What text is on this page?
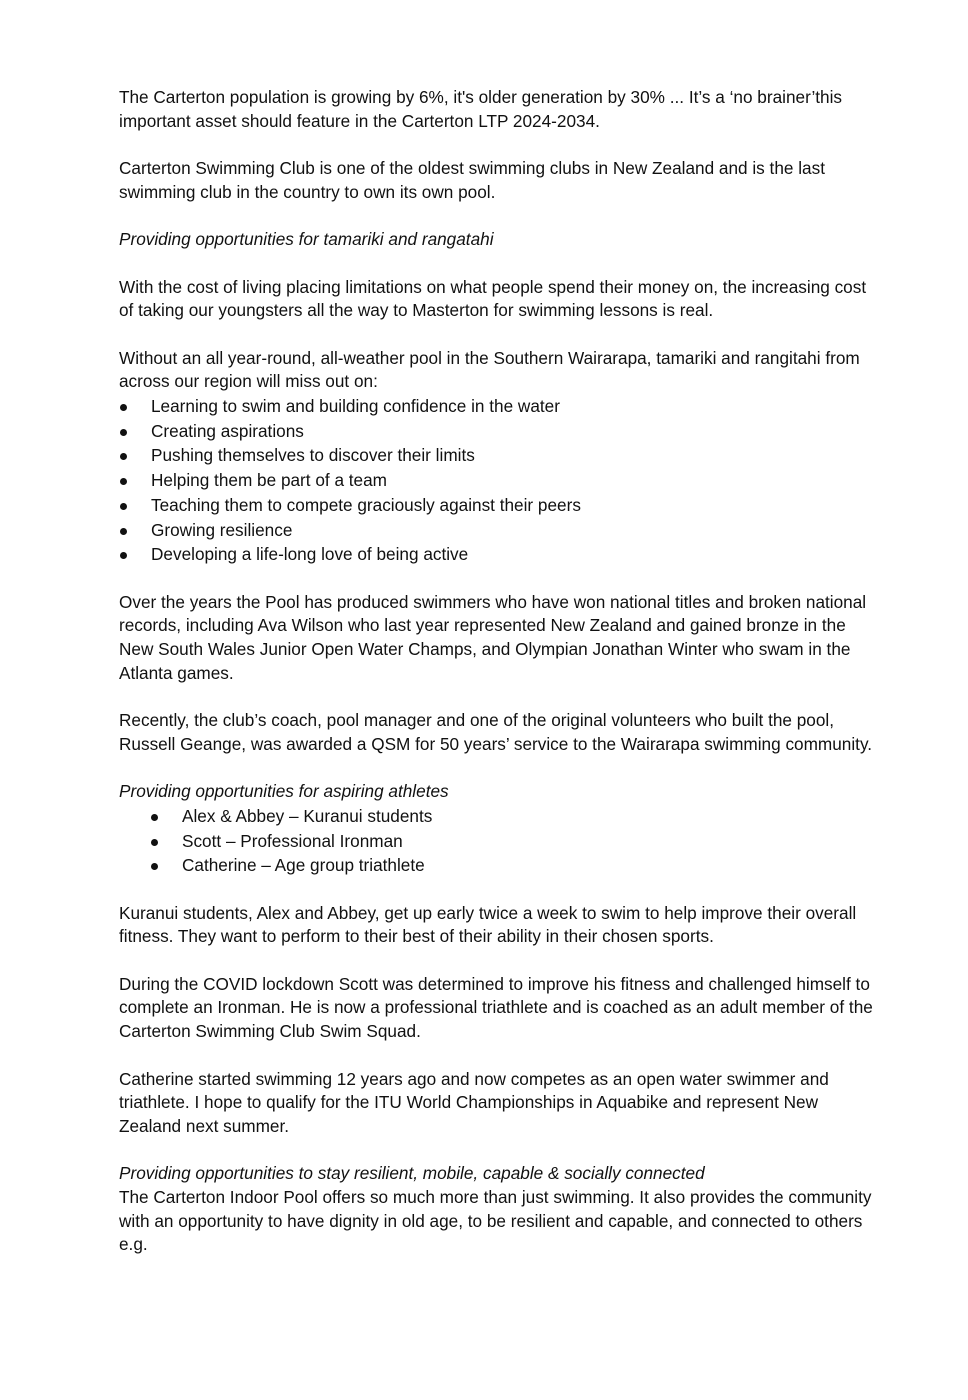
The Carterton population is growing by 6%, it's older generation by 30% ... It’s a ‘no brainer’this important asset should feature in the Carterton LTP 2024-2034.

Carterton Swimming Club is one of the oldest swimming clubs in New Zealand and is the last swimming club in the country to own its own pool.

Providing opportunities for tamariki and rangatahi

With the cost of living placing limitations on what people spend their money on, the increasing cost of taking our youngsters all the way to Masterton for swimming lessons is real.

Without an all year-round, all-weather pool in the Southern Wairarapa, tamariki and rangitahi from across our region will miss out on:

Learning to swim and building confidence in the water
Creating aspirations
Pushing themselves to discover their limits
Helping them be part of a team
Teaching them to compete graciously against their peers
Growing resilience
Developing a life-long love of being active

Over the years the Pool has produced swimmers who have won national titles and broken national records, including Ava Wilson who last year represented New Zealand and gained bronze in the New South Wales Junior Open Water Champs, and Olympian Jonathan Winter who swam in the Atlanta games.

Recently, the club’s coach, pool manager and one of the original volunteers who built the pool, Russell Geange, was awarded a QSM for 50 years’ service to the Wairarapa swimming community.

Providing opportunities for aspiring athletes

Alex & Abbey – Kuranui students
Scott – Professional Ironman
Catherine – Age group triathlete

Kuranui students, Alex and Abbey, get up early twice a week to swim to help improve their overall fitness. They want to perform to their best of their ability in their chosen sports.

During the COVID lockdown Scott was determined to improve his fitness and challenged himself to complete an Ironman. He is now a professional triathlete and is coached as an adult member of the Carterton Swimming Club Swim Squad.

Catherine started swimming 12 years ago and now competes as an open water swimmer and triathlete. I hope to qualify for the ITU World Championships in Aquabike and represent New Zealand next summer.

Providing opportunities to stay resilient, mobile, capable & socially connected

The Carterton Indoor Pool offers so much more than just swimming. It also provides the community with an opportunity to have dignity in old age, to be resilient and capable, and connected to others e.g.
